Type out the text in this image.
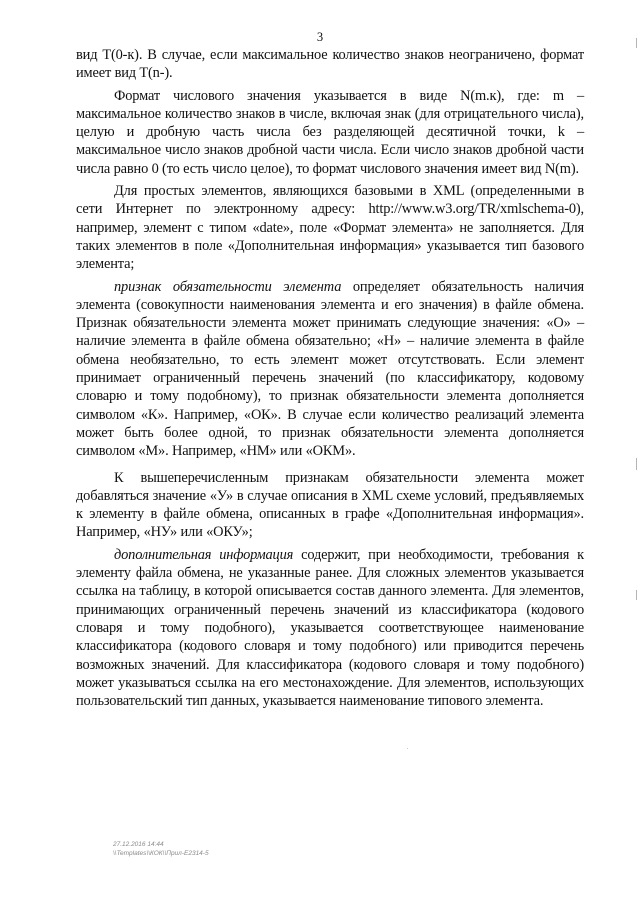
3

вид Т(0-к). В случае, если максимальное количество знаков неограничено, формат имеет вид Т(n-).

Формат числового значения указывается в виде N(m.к), где: m – максимальное количество знаков в числе, включая знак (для отрицательного числа), целую и дробную часть числа без разделяющей десятичной точки, k – максимальное число знаков дробной части числа. Если число знаков дробной части числа равно 0 (то есть число целое), то формат числового значения имеет вид N(m).

Для простых элементов, являющихся базовыми в XML (определенными в сети Интернет по электронному адресу: http://www.w3.org/TR/xmlschema-0), например, элемент с типом «date», поле «Формат элемента» не заполняется. Для таких элементов в поле «Дополнительная информация» указывается тип базового элемента;

признак обязательности элемента определяет обязательность наличия элемента (совокупности наименования элемента и его значения) в файле обмена. Признак обязательности элемента может принимать следующие значения: «О» – наличие элемента в файле обмена обязательно; «Н» – наличие элемента в файле обмена необязательно, то есть элемент может отсутствовать. Если элемент принимает ограниченный перечень значений (по классификатору, кодовому словарю и тому подобному), то признак обязательности элемента дополняется символом «К». Например, «ОК». В случае если количество реализаций элемента может быть более одной, то признак обязательности элемента дополняется символом «М». Например, «НМ» или «ОКМ».

К вышеперечисленным признакам обязательности элемента может добавляться значение «У» в случае описания в XML схеме условий, предъявляемых к элементу в файле обмена, описанных в графе «Дополнительная информация». Например, «НУ» или «ОКУ»;

дополнительная информация содержит, при необходимости, требования к элементу файла обмена, не указанные ранее. Для сложных элементов указывается ссылка на таблицу, в которой описывается состав данного элемента. Для элементов, принимающих ограниченный перечень значений из классификатора (кодового словаря и тому подобного), указывается соответствующее наименование классификатора (кодового словаря и тому подобного) или приводится перечень возможных значений. Для классификатора (кодового словаря и тому подобного) может указываться ссылка на его местонахождение. Для элементов, использующих пользовательский тип данных, указывается наименование типового элемента.

27.12.2016 14:44
\\Templates\\КОК\\Прил-Е2314-5
